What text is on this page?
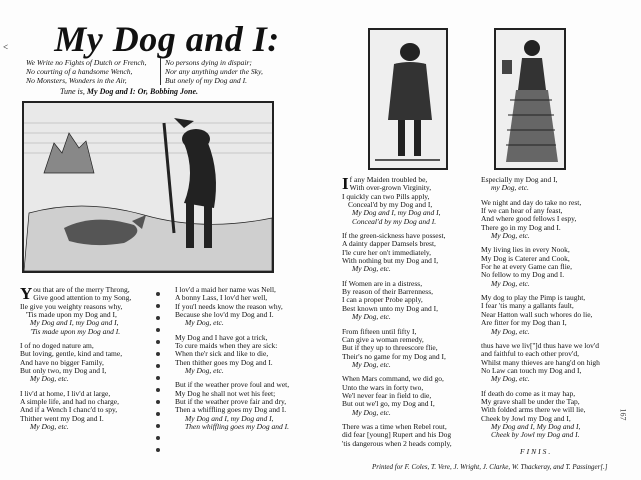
< My Dog and I:
We Write no Fights of Dutch or French,
No courting of a handsome Wench,
No Monsters, Wonders in the Air,
No persons dying in dispair;
Nor any anything under the Sky,
But onely of my Dog and I.
Tune is, My Dog and I: Or, Bobbing Jone.
You that are of the merry Throng,
Give good attention to my Song,
Ile give you weighty reasons why,
'Tis made upon my Dog and I,
My Dog and I, my Dog and I,
'Tis made upon my Dog and I.
I of no doged nature am,
But loving, gentle, kind and tame,
And have no bigger Family,
But only two, my Dog and I,
My Dog, etc.
I liv'd at home, I liv'd at large,
A simple life, and had no charge,
And if a Wench I chanc'd to spy,
Thither went my Dog and I.
My Dog, etc.
I lov'd a maid her name was Nell,
A bonny Lass, I lov'd her well,
If you'l needs know the reason why,
Because she lov'd my Dog and I.
My Dog, etc.
My Dog and I have got a trick,
To cure maids when they are sick:
When the'r sick and like to die,
Then thither goes my Dog and I.
My Dog, etc.
But if the weather prove foul and wet,
My Dog he shall not wet his feet;
But if the weather prove fair and dry,
Then a whiffling goes my Dog and I.
My Dog and I, my Dog and I,
Then whiffling goes my Dog and I.
If any Maiden troubled be,
With over-grown Virginity,
I quickly can two Pills apply,
Conceal'd by my Dog and I,
My Dog and I, my Dog and I,
Conceal'd by my Dog and I.
If the green-sickness have possest,
A dainty dapper Damsels brest,
I'le cure her on't immediately,
With nothing but my Dog and I,
My Dog, etc.
If Women are in a distress,
By reason of their Barrenness,
I can a proper Probe apply,
Best known unto my Dog and I,
My Dog, etc.
From fifteen until fifty I,
Can give a woman remedy,
But if they up to threescore flie,
Their's no game for my Dog and I,
My Dog, etc.
When Mars command, we did go,
Unto the wars in forty two,
We'l never fear in field to die,
But out we'l go, my Dog and I,
My Dog, etc.
There was a time when Rebel rout,
did fear [young] Rupert and his Dog
'tis dangerous when 2 heads comply,
Especially my Dog and I,
my Dog, etc.
We night and day do take no rest,
If we can hear of any feast,
And where good fellows I espy,
There go in my Dog and I.
My Dog, etc.
My living lies in every Nook,
My Dog is Caterer and Cook,
For he at every Game can flie,
No fellow to my Dog and I.
My Dog, etc.
My dog to play the Pimp is taught,
I fear 'tis many a gallants fault,
Near Hatton wall such whores do lie,
Are fitter for my Dog than I,
My Dog, etc.
thus have we liv['']d thus have we lov'd
and faithful to each other prov'd,
Whilst many thieves are hang'd on high
No Law can touch my Dog and I,
My Dog, etc.
If death do come as it may hap,
My grave shall be under the Tap,
With folded arms there we will lie,
Cheek by Jowl my Dog and I,
My Dog and I, My Dog and I,
Cheek by Jowl my Dog and I.
FINIS.
Printed for F. Coles, T. Vere, J. Wright, J. Clarke, W. Thackeray, and T. Passinger[.]
167
